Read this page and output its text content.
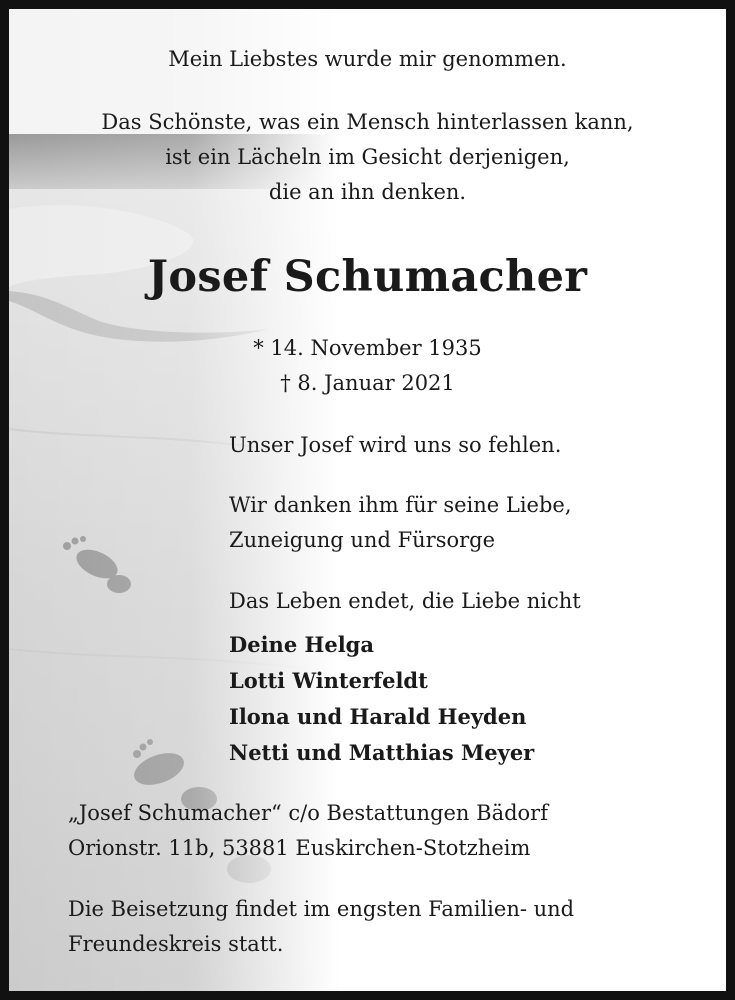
Mein Liebstes wurde mir genommen.

Das Schönste, was ein Mensch hinterlassen kann,

ist ein Lächeln im Gesicht derjenigen,

die an ihn denken.

Josef Schumacher

* 14. November 1935

† 8. Januar 2021

Unser Josef wird uns so fehlen.

Wir danken ihm für seine Liebe,

Zuneigung und Fürsorge

Das Leben endet, die Liebe nicht

Deine Helga

Lotti Winterfeldt

Ilona und Harald Heyden

Netti und Matthias Meyer

„Josef Schumacher“ c/o Bestattungen Bädorf

Orionstr. 11b, 53881 Euskirchen-Stotzheim

Die Beisetzung findet im engsten Familien- und

Freundeskreis statt.
